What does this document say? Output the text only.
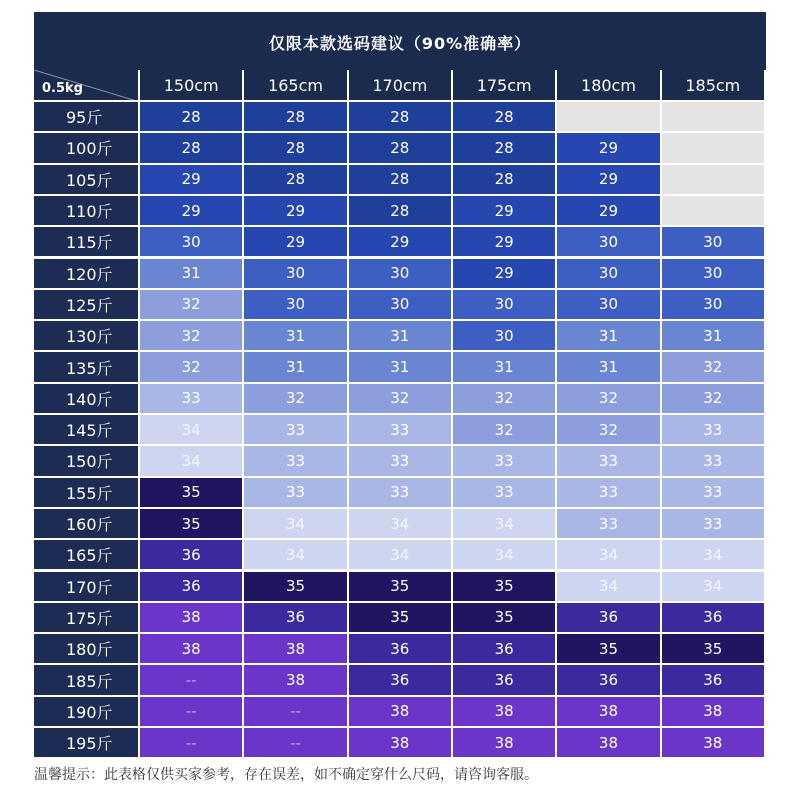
仅限本款选码建议（90%准确率）
0.5kg	150cm	165cm	170cm	175cm	180cm	185cm
95斤	28	28	28	28
100斤	28	28	28	28	29
105斤	29	28	28	28	29
110斤	29	29	28	29	29
115斤	30	29	29	29	30	30
120斤	31	30	30	29	30	30
125斤	32	30	30	30	30	30
130斤	32	31	31	30	31	31
135斤	32	31	31	31	31	32
140斤	33	32	32	32	32	32
145斤	34	33	33	32	32	33
150斤	34	33	33	33	33	33
155斤	35	33	33	33	33	33
160斤	35	34	34	34	33	33
165斤	36	34	34	34	34	34
170斤	36	35	35	35	34	34
175斤	38	36	35	35	36	36
180斤	38	38	36	36	35	35
185斤	--	38	36	36	36	36
190斤	--	--	38	38	38	38
195斤	--	--	38	38	38	38
温馨提示：此表格仅供买家参考，存在误差，如不确定穿什么尺码，请咨询客服。
